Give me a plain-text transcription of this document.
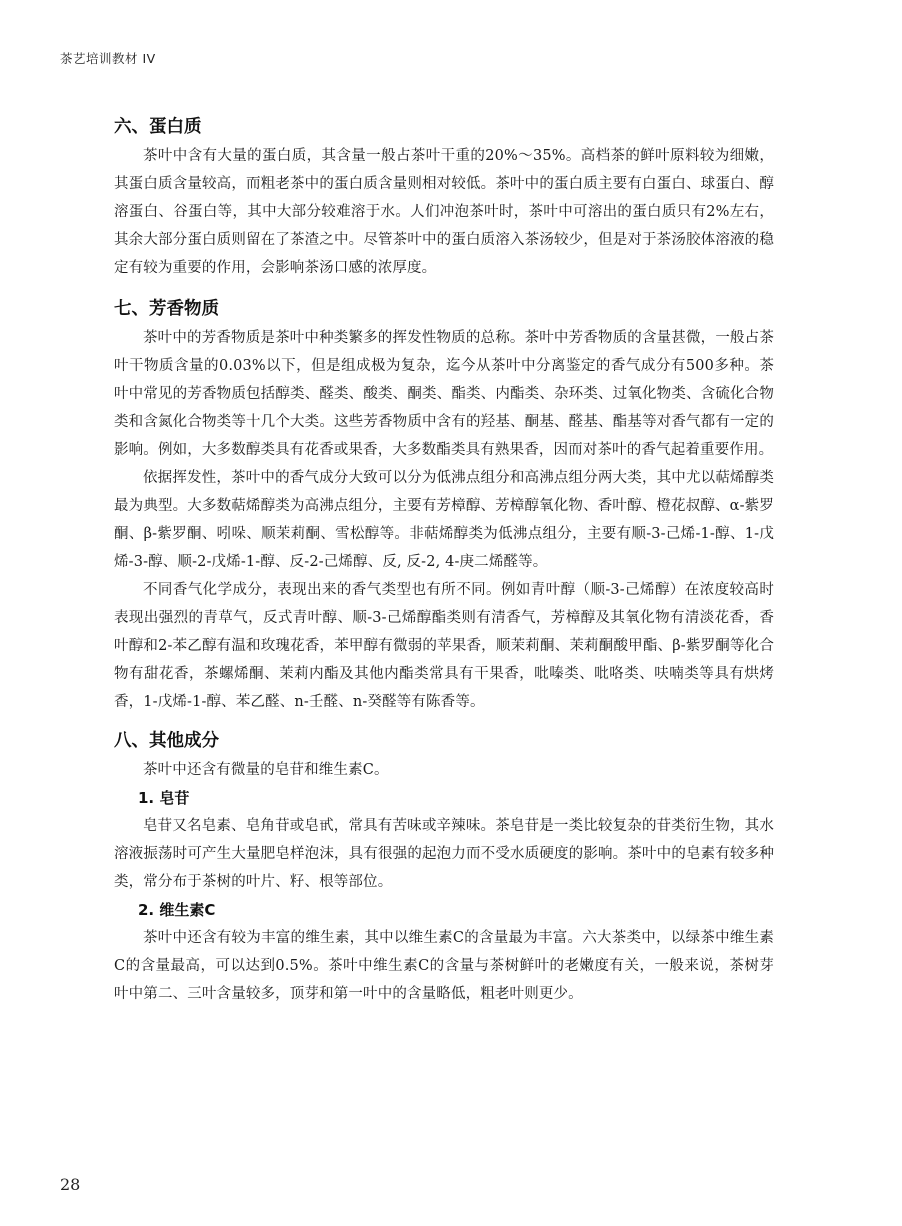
茶艺培训教材 IV
六、蛋白质

茶叶中含有大量的蛋白质，其含量一般占茶叶干重的20%～35%。高档茶的鲜叶原料较为细嫩，其蛋白质含量较高，而粗老茶中的蛋白质含量则相对较低。茶叶中的蛋白质主要有白蛋白、球蛋白、醇溶蛋白、谷蛋白等，其中大部分较难溶于水。人们冲泡茶叶时，茶叶中可溶出的蛋白质只有2%左右，其余大部分蛋白质则留在了茶渣之中。尽管茶叶中的蛋白质溶入茶汤较少，但是对于茶汤胶体溶液的稳定有较为重要的作用，会影响茶汤口感的浓厚度。

七、芳香物质

茶叶中的芳香物质是茶叶中种类繁多的挥发性物质的总称。茶叶中芳香物质的含量甚微，一般占茶叶干物质含量的0.03%以下，但是组成极为复杂，迄今从茶叶中分离鉴定的香气成分有500多种。茶叶中常见的芳香物质包括醇类、醛类、酸类、酮类、酯类、内酯类、杂环类、过氧化物类、含硫化合物类和含氮化合物类等十几个大类。这些芳香物质中含有的羟基、酮基、醛基、酯基等对香气都有一定的影响。例如，大多数醇类具有花香或果香，大多数酯类具有熟果香，因而对茶叶的香气起着重要作用。

依据挥发性，茶叶中的香气成分大致可以分为低沸点组分和高沸点组分两大类，其中尤以萜烯醇类最为典型。大多数萜烯醇类为高沸点组分，主要有芳樟醇、芳樟醇氧化物、香叶醇、橙花叔醇、α-紫罗酮、β-紫罗酮、吲哚、顺茉莉酮、雪松醇等。非萜烯醇类为低沸点组分，主要有顺-3-己烯-1-醇、1-戊烯-3-醇、顺-2-戊烯-1-醇、反-2-己烯醇、反, 反-2, 4-庚二烯醛等。

不同香气化学成分，表现出来的香气类型也有所不同。例如青叶醇（顺-3-己烯醇）在浓度较高时表现出强烈的青草气，反式青叶醇、顺-3-己烯醇酯类则有清香气，芳樟醇及其氧化物有清淡花香，香叶醇和2-苯乙醇有温和玫瑰花香，苯甲醇有微弱的苹果香，顺茉莉酮、茉莉酮酸甲酯、β-紫罗酮等化合物有甜花香，茶螺烯酮、茉莉内酯及其他内酯类常具有干果香，吡嗪类、吡咯类、呋喃类等具有烘烤香，1-戊烯-1-醇、苯乙醛、n-壬醛、n-癸醛等有陈香等。

八、其他成分

茶叶中还含有微量的皂苷和维生素C。

1. 皂苷

皂苷又名皂素、皂角苷或皂甙，常具有苦味或辛辣味。茶皂苷是一类比较复杂的苷类衍生物，其水溶液振荡时可产生大量肥皂样泡沫，具有很强的起泡力而不受水质硬度的影响。茶叶中的皂素有较多种类，常分布于茶树的叶片、籽、根等部位。

2. 维生素C

茶叶中还含有较为丰富的维生素，其中以维生素C的含量最为丰富。六大茶类中，以绿茶中维生素C的含量最高，可以达到0.5%。茶叶中维生素C的含量与茶树鲜叶的老嫩度有关，一般来说，茶树芽叶中第二、三叶含量较多，顶芽和第一叶中的含量略低，粗老叶则更少。

28
